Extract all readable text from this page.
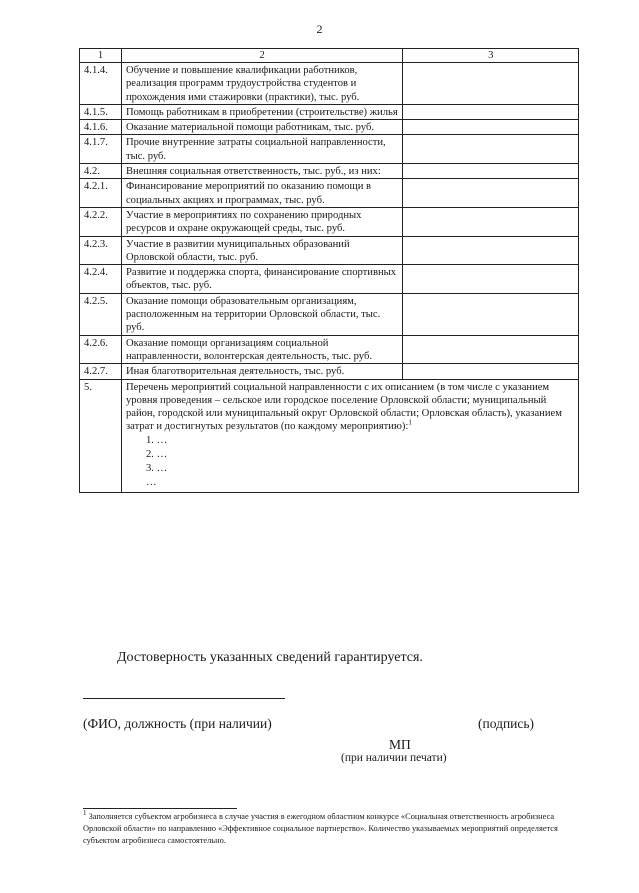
2
1	2	3
4.1.4.	Обучение и повышение квалификации работников, реализация программ трудоустройства студентов и прохождения ими стажировки (практики), тыс. руб.	
4.1.5.	Помощь работникам в приобретении (строительстве) жилья	
4.1.6.	Оказание материальной помощи работникам, тыс. руб.	
4.1.7.	Прочие внутренние затраты социальной направленности, тыс. руб.	
4.2.	Внешняя социальная ответственность, тыс. руб., из них:	
4.2.1.	Финансирование мероприятий по оказанию помощи в социальных акциях и программах, тыс. руб.	
4.2.2.	Участие в мероприятиях по сохранению природных ресурсов и охране окружающей среды, тыс. руб.	
4.2.3.	Участие в развитии муниципальных образований Орловской области, тыс. руб.	
4.2.4.	Развитие и поддержка спорта, финансирование спортивных объектов, тыс. руб.	
4.2.5.	Оказание помощи образовательным организациям, расположенным на территории Орловской области, тыс. руб.	
4.2.6.	Оказание помощи организациям социальной направленности, волонтерская деятельность, тыс. руб.	
4.2.7.	Иная благотворительная деятельность, тыс. руб.	
5.	Перечень мероприятий социальной направленности с их описанием (в том числе с указанием уровня проведения – сельское или городское поселение Орловской области; муниципальный район, городской или муниципальный округ Орловской области; Орловская область), указанием затрат и достигнутых результатов (по каждому мероприятию):$^1$
1. …
2. …
3. …
…	
Достоверность указанных сведений гарантируется.
(ФИО, должность (при наличии)	(подпись)
МП
(при наличии печати)
$^1$ Заполняется субъектом агробизнеса в случае участия в ежегодном областном конкурсе «Социальная ответственность агробизнеса Орловской области» по направлению «Эффективное социальное партнерство». Количество указываемых мероприятий определяется субъектом агробизнеса самостоятельно.
